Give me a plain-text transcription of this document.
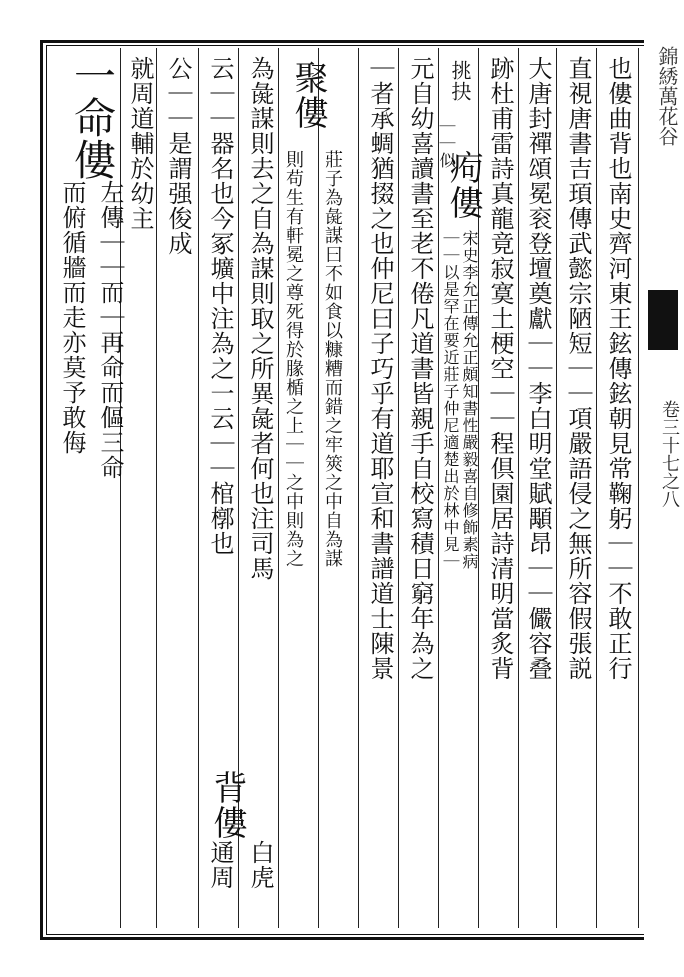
錦綉萬花谷
卷三十七之八
也僂曲背也南史齊河東王鉉傳鉉朝見常鞠躬｜｜不敢正行
直視唐書吉頊傳武懿宗陋短｜｜項嚴語侵之無所容假張説
大唐封禪頌冕衮登壇奠獻｜｜李白明堂賦顒昂｜｜儼容叠
跡杜甫雷詩真龍竟寂寞土梗空｜｜程倶園居詩清明當炙背
挑抉
｜｜似
痀僂
宋史李允正傳允正頗知書性嚴毅喜自修飾素病
｜｜以是罕在要近莊子仲尼適楚出於林中見｜
元自幼喜讀書至老不倦凡道書皆親手自校寫積日窮年為之
｜者承蜩猶掇之也仲尼曰子巧乎有道耶宣和書譜道士陳景
聚僂
莊子為彘謀曰不如食以糠糟而錯之牢筴之中自為謀
則苟生有軒冕之尊死得於腞楯之上｜｜之中則為之
為彘謀則去之自為謀則取之所異彘者何也注司馬
背僂
白虎
云｜｜器名也今冢壙中注為之一云｜｜棺槨也
通周
公｜｜是謂强俊成
就周道輔於幼主
一命僂
左傳｜｜而｜再命而傴三命
而俯循牆而走亦莫予敢侮
